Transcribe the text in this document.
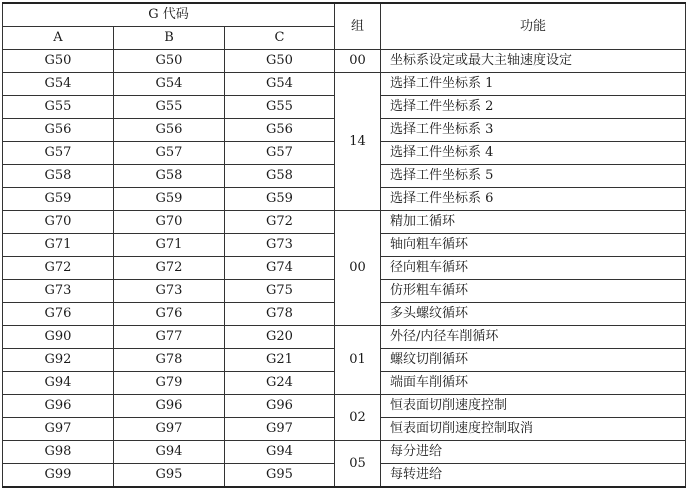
G 代码			组	功能
A	B	C		
G50	G50	G50	00	坐标系设定或最大主轴速度设定
G54	G54	G54	14	选择工件坐标系 1
G55	G55	G55		选择工件坐标系 2
G56	G56	G56		选择工件坐标系 3
G57	G57	G57		选择工件坐标系 4
G58	G58	G58		选择工件坐标系 5
G59	G59	G59		选择工件坐标系 6
G70	G70	G72	00	精加工循环
G71	G71	G73		轴向粗车循环
G72	G72	G74		径向粗车循环
G73	G73	G75		仿形粗车循环
G76	G76	G78		多头螺纹循环
G90	G77	G20	01	外径/内径车削循环
G92	G78	G21		螺纹切削循环
G94	G79	G24		端面车削循环
G96	G96	G96	02	恒表面切削速度控制
G97	G97	G97		恒表面切削速度控制取消
G98	G94	G94	05	每分进给
G99	G95	G95		每转进给
